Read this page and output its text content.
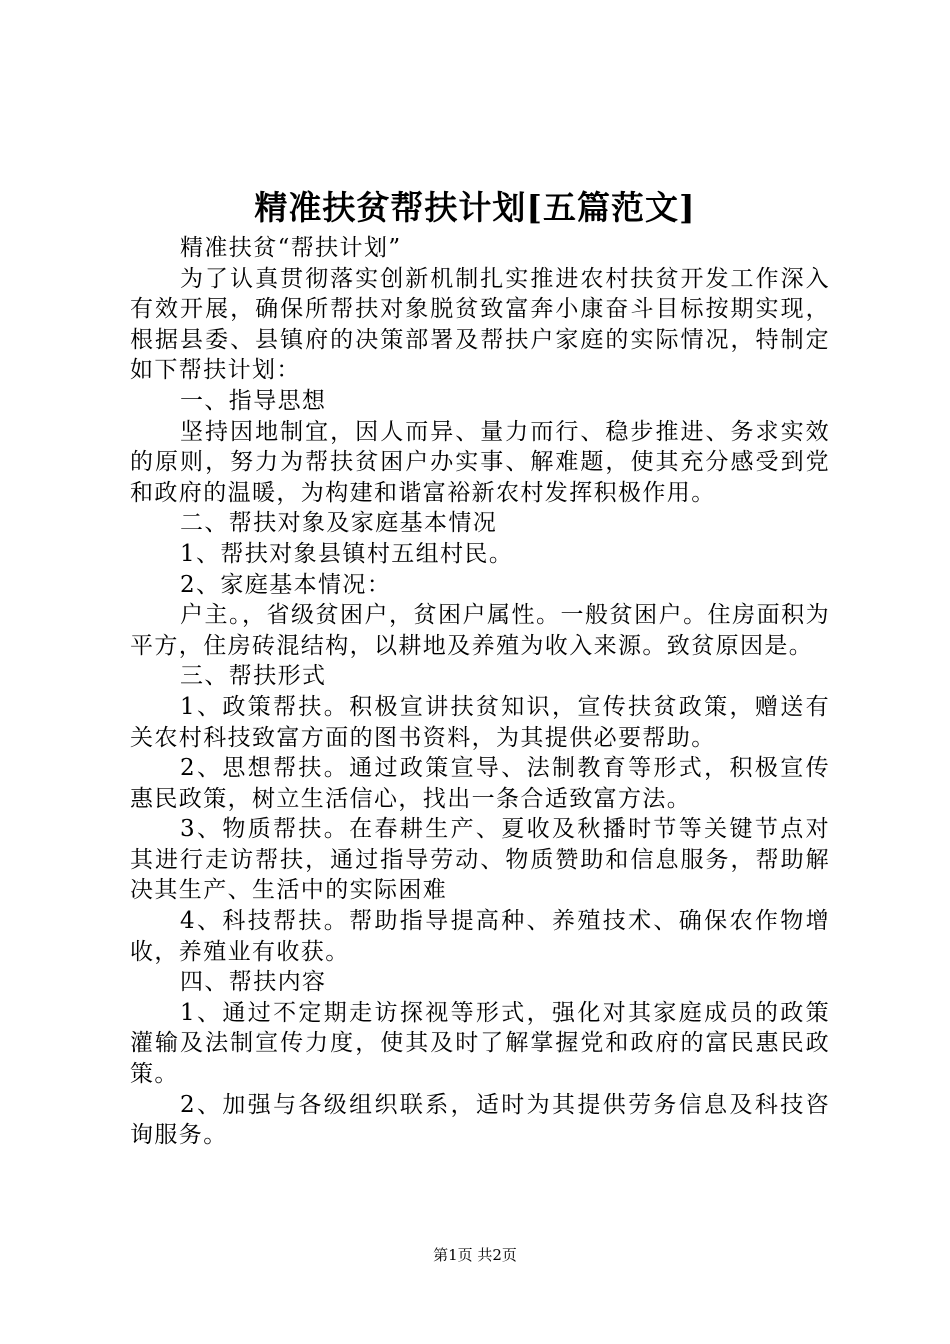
精准扶贫帮扶计划[五篇范文]

精准扶贫“帮扶计划”

为了认真贯彻落实创新机制扎实推进农村扶贫开发工作深入有效开展，确保所帮扶对象脱贫致富奔小康奋斗目标按期实现，根据县委、县镇府的决策部署及帮扶户家庭的实际情况，特制定如下帮扶计划：

一、指导思想

坚持因地制宜，因人而异、量力而行、稳步推进、务求实效的原则，努力为帮扶贫困户办实事、解难题，使其充分感受到党和政府的温暖，为构建和谐富裕新农村发挥积极作用。

二、帮扶对象及家庭基本情况

1、帮扶对象县镇村五组村民。

2、家庭基本情况：

户主。，省级贫困户，贫困户属性。一般贫困户。住房面积为平方，住房砖混结构，以耕地及养殖为收入来源。致贫原因是。

三、帮扶形式

1、政策帮扶。积极宣讲扶贫知识，宣传扶贫政策，赠送有关农村科技致富方面的图书资料，为其提供必要帮助。

2、思想帮扶。通过政策宣导、法制教育等形式，积极宣传惠民政策，树立生活信心，找出一条合适致富方法。

3、物质帮扶。在春耕生产、夏收及秋播时节等关键节点对其进行走访帮扶，通过指导劳动、物质赞助和信息服务，帮助解决其生产、生活中的实际困难

4、科技帮扶。帮助指导提高种、养殖技术、确保农作物增收，养殖业有收获。

四、帮扶内容

1、通过不定期走访探视等形式，强化对其家庭成员的政策灌输及法制宣传力度，使其及时了解掌握党和政府的富民惠民政策。

2、加强与各级组织联系，适时为其提供劳务信息及科技咨询服务。

第1页 共2页
